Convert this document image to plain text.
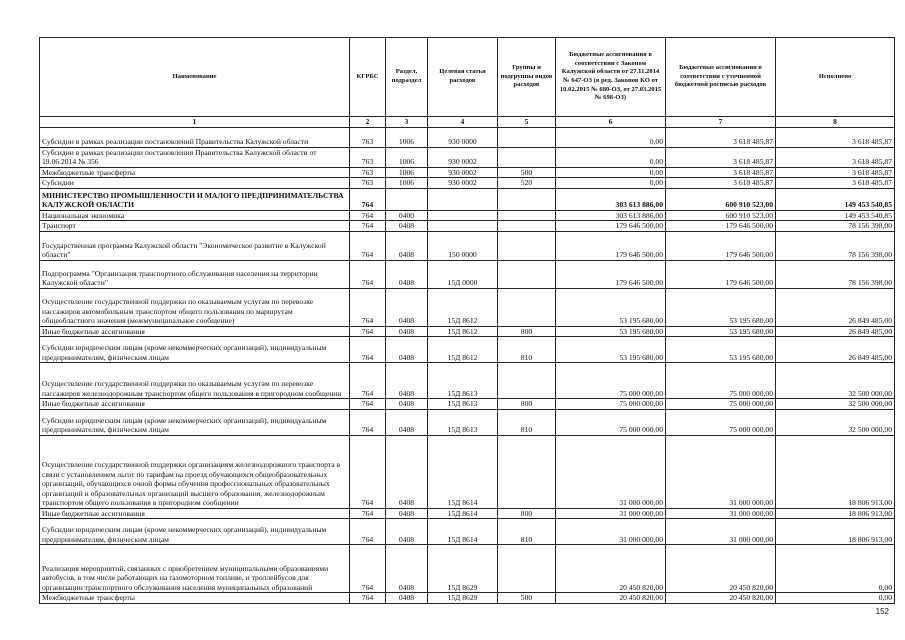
Наименование	КГРБС	Раздел, подраздел	Целевая статья расходов	Группы и подгруппы видов расходов	Бюджетные ассигнования в соответствии с Законом Калужской области от 27.11.2014 № 647-ОЗ (в ред. Законов КО от 10.02.2015 № 680-ОЗ, от 27.03.2015 № 698-ОЗ)	Бюджетные ассигнования в соответствии с уточненной бюджетной росписью расходов	Исполнено
1	2	3	4	5	6	7	8
Субсидии в рамках реализации постановлений Правительства Калужской области	763	1006	930 0000		0,00	3 618 485,87	3 618 485,87
Субсидии в рамках реализации постановления Правительства Калужской области от 19.06.2014 № 356	763	1006	930 0002		0,00	3 618 485,87	3 618 485,87
Межбюджетные трансферты	763	1006	930 0002	500	0,00	3 618 485,87	3 618 485,87
Субсидии	763	1006	930 0002	520	0,00	3 618 485,87	3 618 485,87
МИНИСТЕРСТВО ПРОМЫШЛЕННОСТИ И МАЛОГО ПРЕДПРИНИМАТЕЛЬСТВА КАЛУЖСКОЙ ОБЛАСТИ	764				303 613 886,00	600 910 523,00	149 453 540,85
Национальная экономика	764	0400			303 613 886,00	600 910 523,00	149 453 540,85
Транспорт	764	0408			179 646 500,00	179 646 500,00	78 156 398,00
Государственная программа Калужской области "Экономическое развитие в Калужской области"	764	0408	150 0000		179 646 500,00	179 646 500,00	78 156 398,00
Подпрограмма "Организация транспортного обслуживания населения на территории Калужской области"	764	0408	15Д 0000		179 646 500,00	179 646 500,00	78 156 398,00
Осуществление государственной поддержки по оказываемым услугам по перевозке пассажиров автомобильным транспортом общего пользования по маршрутам общеобластного значения (межмуниципальное сообщение)	764	0408	15Д 8612		53 195 680,00	53 195 680,00	26 849 485,00
Иные бюджетные ассигнования	764	0408	15Д 8612	800	53 195 680,00	53 195 680,00	26 849 485,00
Субсидии юридическим лицам (кроме некоммерческих организаций), индивидуальным предпринимателям, физическим лицам	764	0408	15Д 8612	810	53 195 680,00	53 195 680,00	26 849 485,00
Осуществление государственной поддержки по оказываемым услугам по перевозке пассажиров железнодорожным транспортом общего пользования в пригородном сообщении	764	0408	15Д 8613		75 000 000,00	75 000 000,00	32 500 000,00
Иные бюджетные ассигнования	764	0408	15Д 8613	800	75 000 000,00	75 000 000,00	32 500 000,00
Субсидии юридическим лицам (кроме некоммерческих организаций), индивидуальным предпринимателям, физическим лицам	764	0408	15Д 8613	810	75 000 000,00	75 000 000,00	32 500 000,00
Осуществление государственной поддержки организациям железнодорожного транспорта в связи с установлением льгот по тарифам на проезд обучающихся общеобразовательных организаций, обучающихся очной формы обучения профессиональных образовательных организаций и образовательных организаций высшего образования, железнодорожным транспортом общего пользования в пригородном сообщении	764	0408	15Д 8614		31 000 000,00	31 000 000,00	18 806 913,00
Иные бюджетные ассигнования	764	0408	15Д 8614	800	31 000 000,00	31 000 000,00	18 806 913,00
Субсидии юридическим лицам (кроме некоммерческих организаций), индивидуальным предпринимателям, физическим лицам	764	0408	15Д 8614	810	31 000 000,00	31 000 000,00	18 806 913,00
Реализация мероприятий, связанных с приобретением муниципальными образованиями автобусов, в том числе работающих на газомоторном топливе, и троллейбусов для организации транспортного обслуживания населения муниципальных образований	764	0408	15Д 8629		20 450 820,00	20 450 820,00	0,00
Межбюджетные трансферты	764	0408	15Д 8629	500	20 450 820,00	20 450 820,00	0,00
152
